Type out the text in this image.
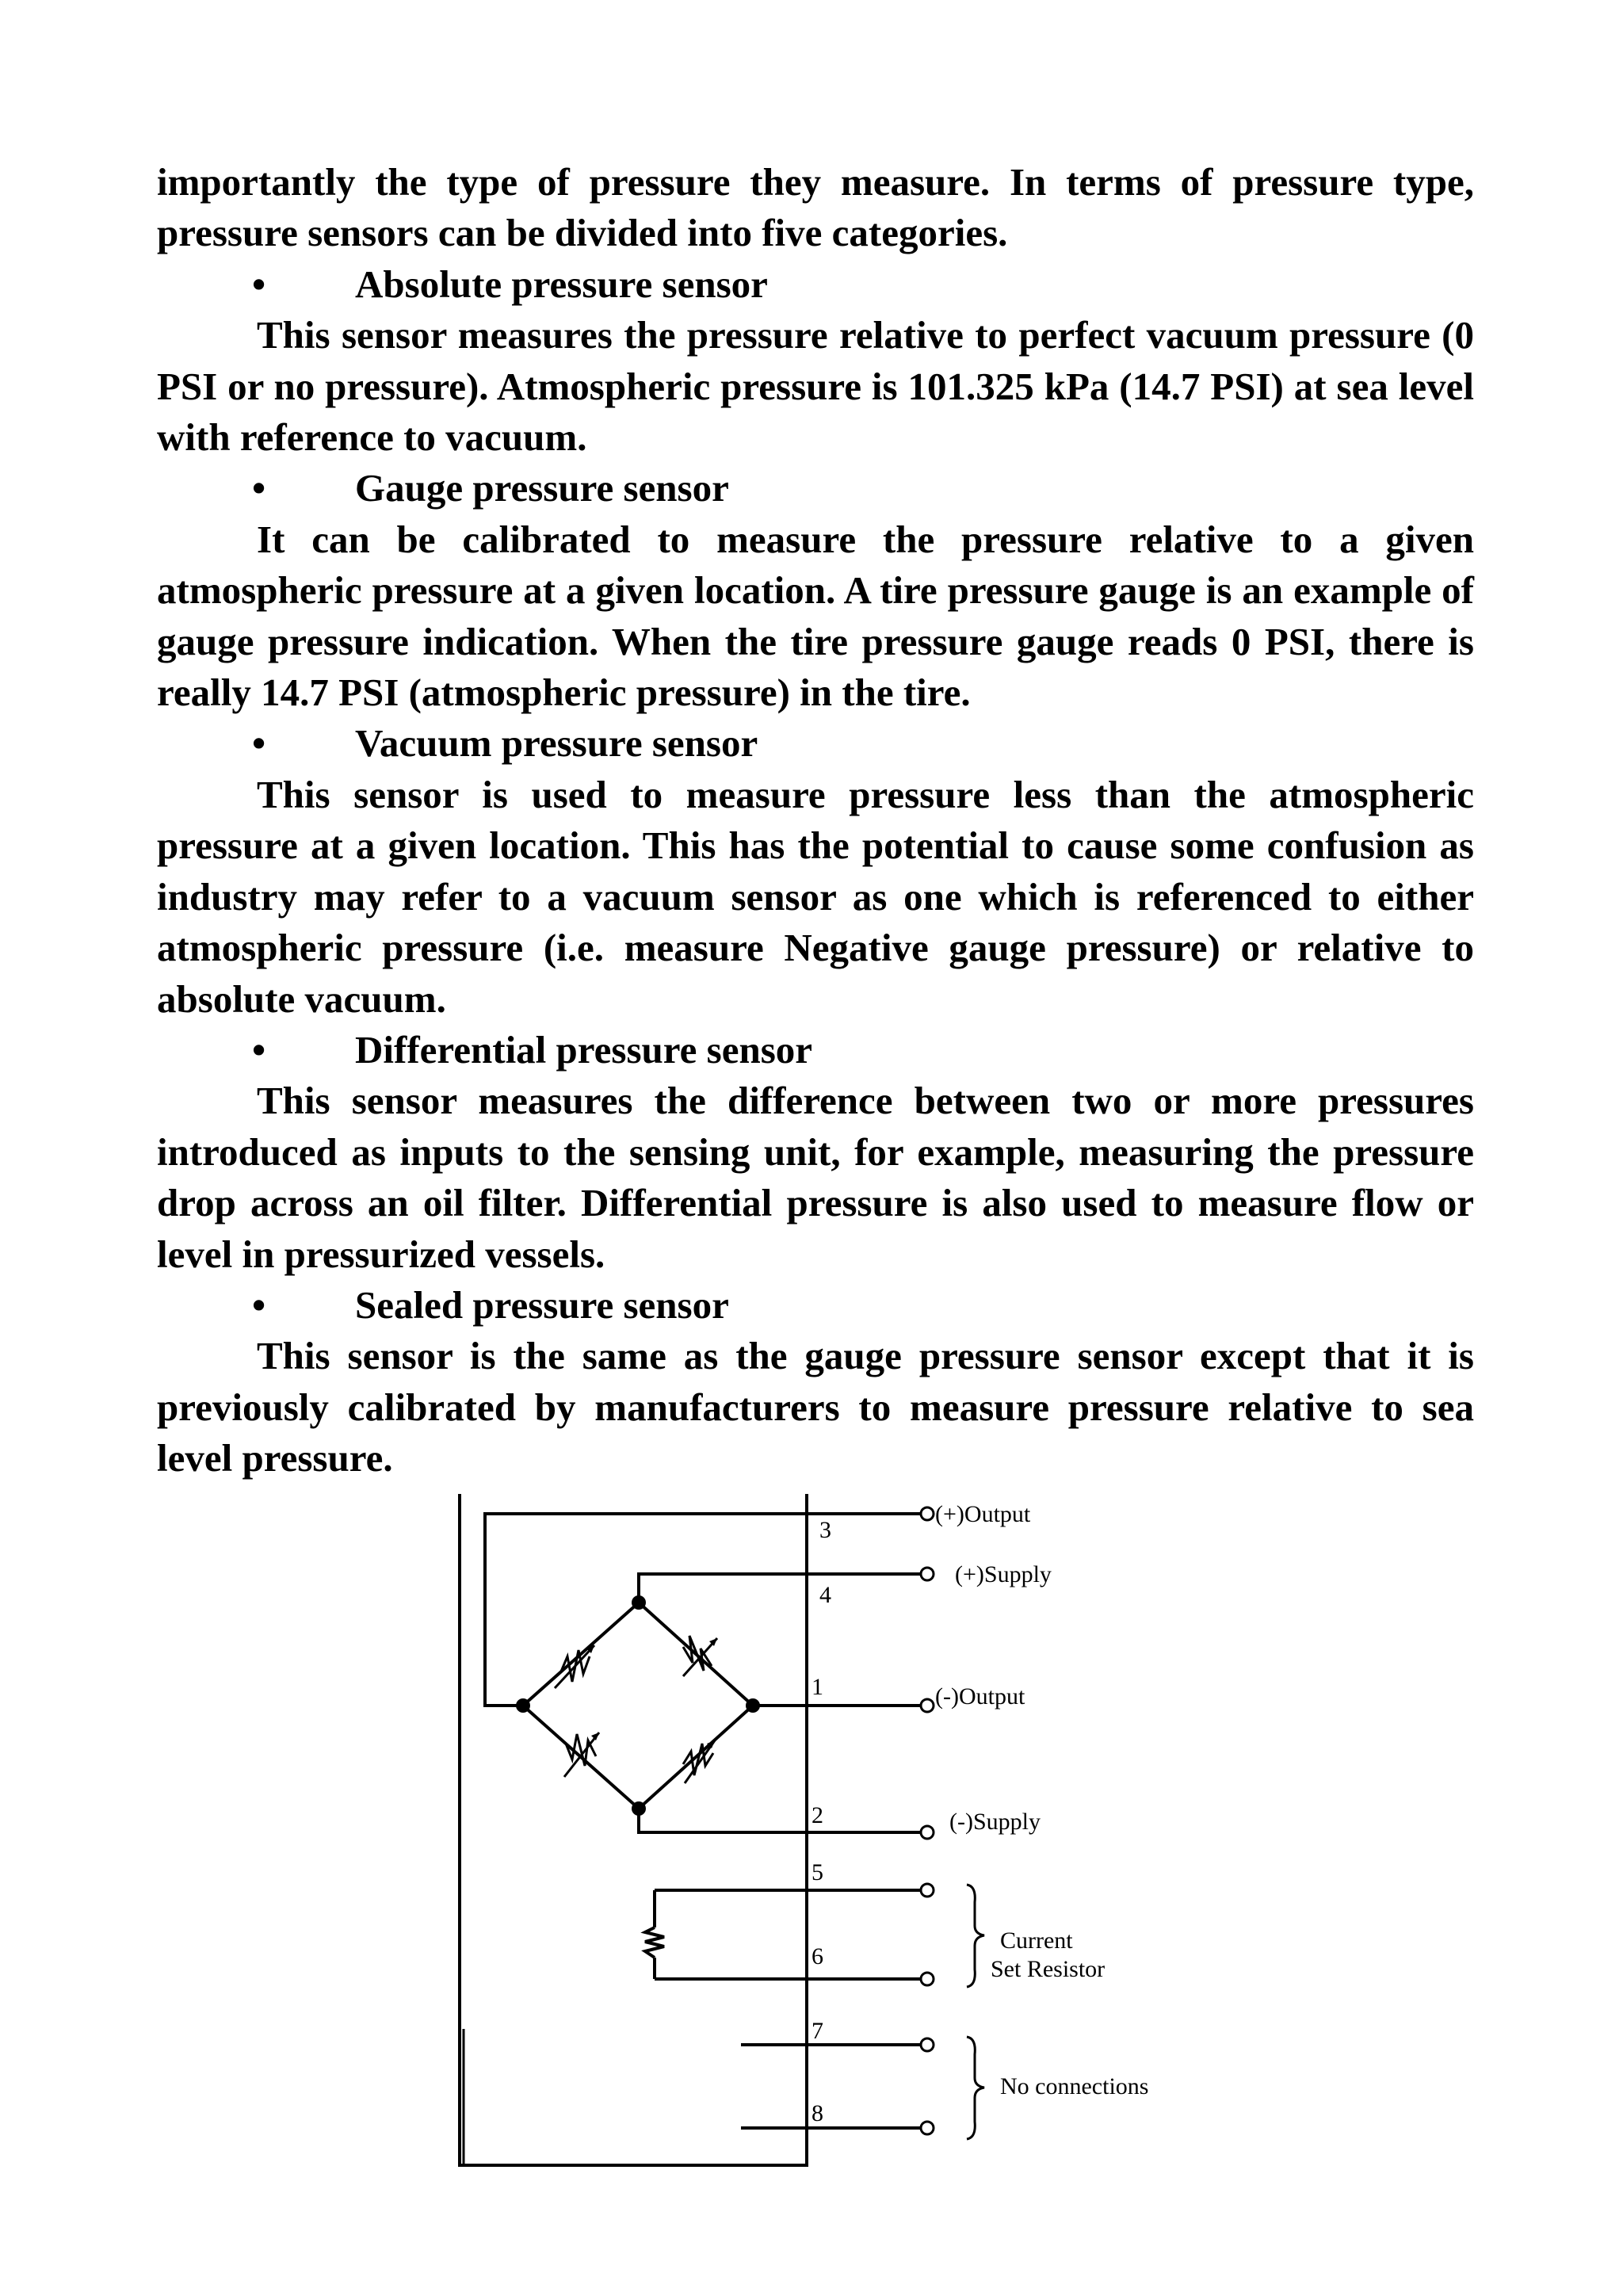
importantly the type of pressure they measure. In terms of pressure type, pressure sensors can be divided into five categories.

• Absolute pressure sensor

This sensor measures the pressure relative to perfect vacuum pressure (0 PSI or no pressure). Atmospheric pressure is 101.325 kPa (14.7 PSI) at sea level with reference to vacuum.

• Gauge pressure sensor

It can be calibrated to measure the pressure relative to a given atmospheric pressure at a given location. A tire pressure gauge is an example of gauge pressure indication. When the tire pressure gauge reads 0 PSI, there is really 14.7 PSI (atmospheric pressure) in the tire.

• Vacuum pressure sensor

This sensor is used to measure pressure less than the atmospheric pressure at a given location. This has the potential to cause some confusion as industry may refer to a vacuum sensor as one which is referenced to either atmospheric pressure (i.e. measure Negative gauge pressure) or relative to absolute vacuum.

• Differential pressure sensor

This sensor measures the difference between two or more pressures introduced as inputs to the sensing unit, for example, measuring the pressure drop across an oil filter. Differential pressure is also used to measure flow or level in pressurized vessels.

• Sealed pressure sensor

This sensor is the same as the gauge pressure sensor except that it is previously calibrated by manufacturers to measure pressure relative to sea level pressure.

3
4
1
2
5
6
7
8
(+)Output
(+)Supply
(-)Output
(-)Supply
Current
Set Resistor
No connections
